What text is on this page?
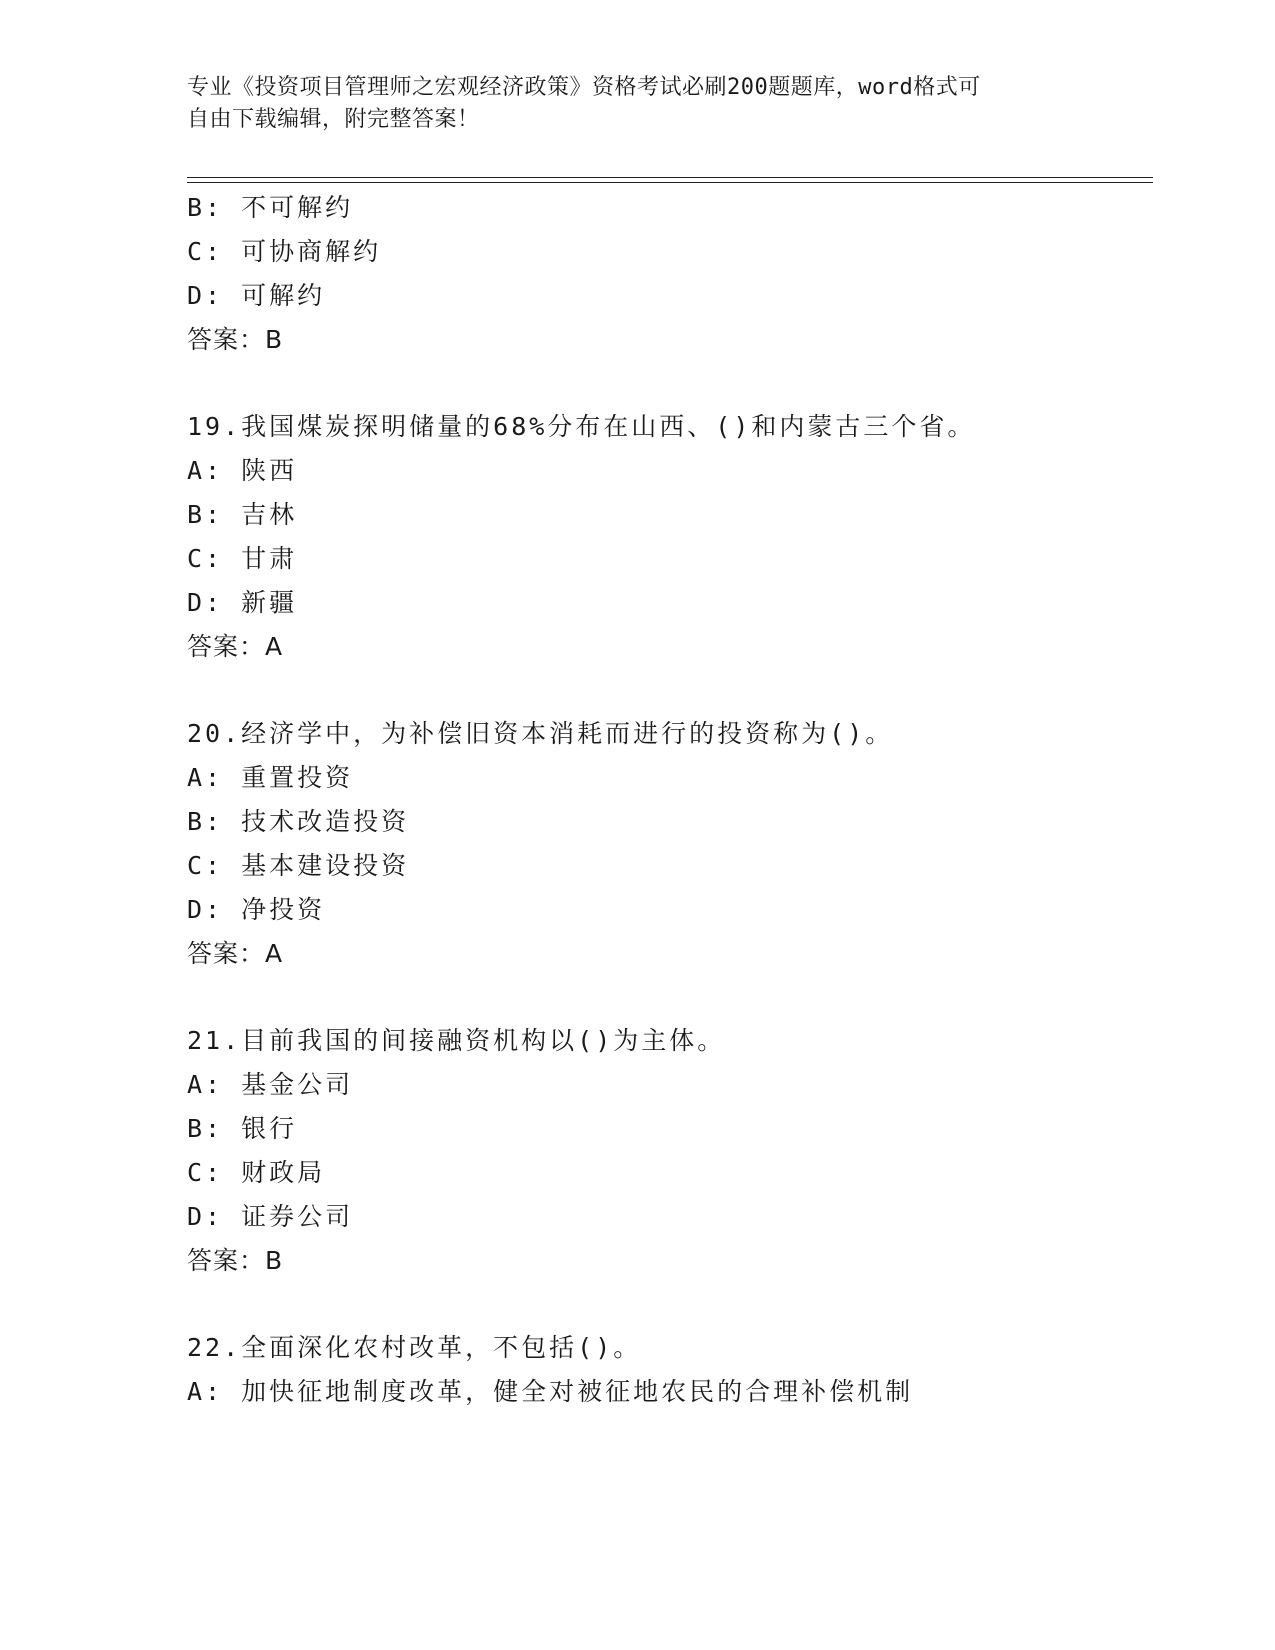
专业《投资项目管理师之宏观经济政策》资格考试必刷200题题库，word格式可
自由下载编辑，附完整答案！
B: 不可解约
C: 可协商解约
D: 可解约
答案：B
19.我国煤炭探明储量的68%分布在山西、()和内蒙古三个省。
A: 陕西
B: 吉林
C: 甘肃
D: 新疆
答案：A
20.经济学中，为补偿旧资本消耗而进行的投资称为()。
A: 重置投资
B: 技术改造投资
C: 基本建设投资
D: 净投资
答案：A
21.目前我国的间接融资机构以()为主体。
A: 基金公司
B: 银行
C: 财政局
D: 证券公司
答案：B
22.全面深化农村改革，不包括()。
A: 加快征地制度改革，健全对被征地农民的合理补偿机制
